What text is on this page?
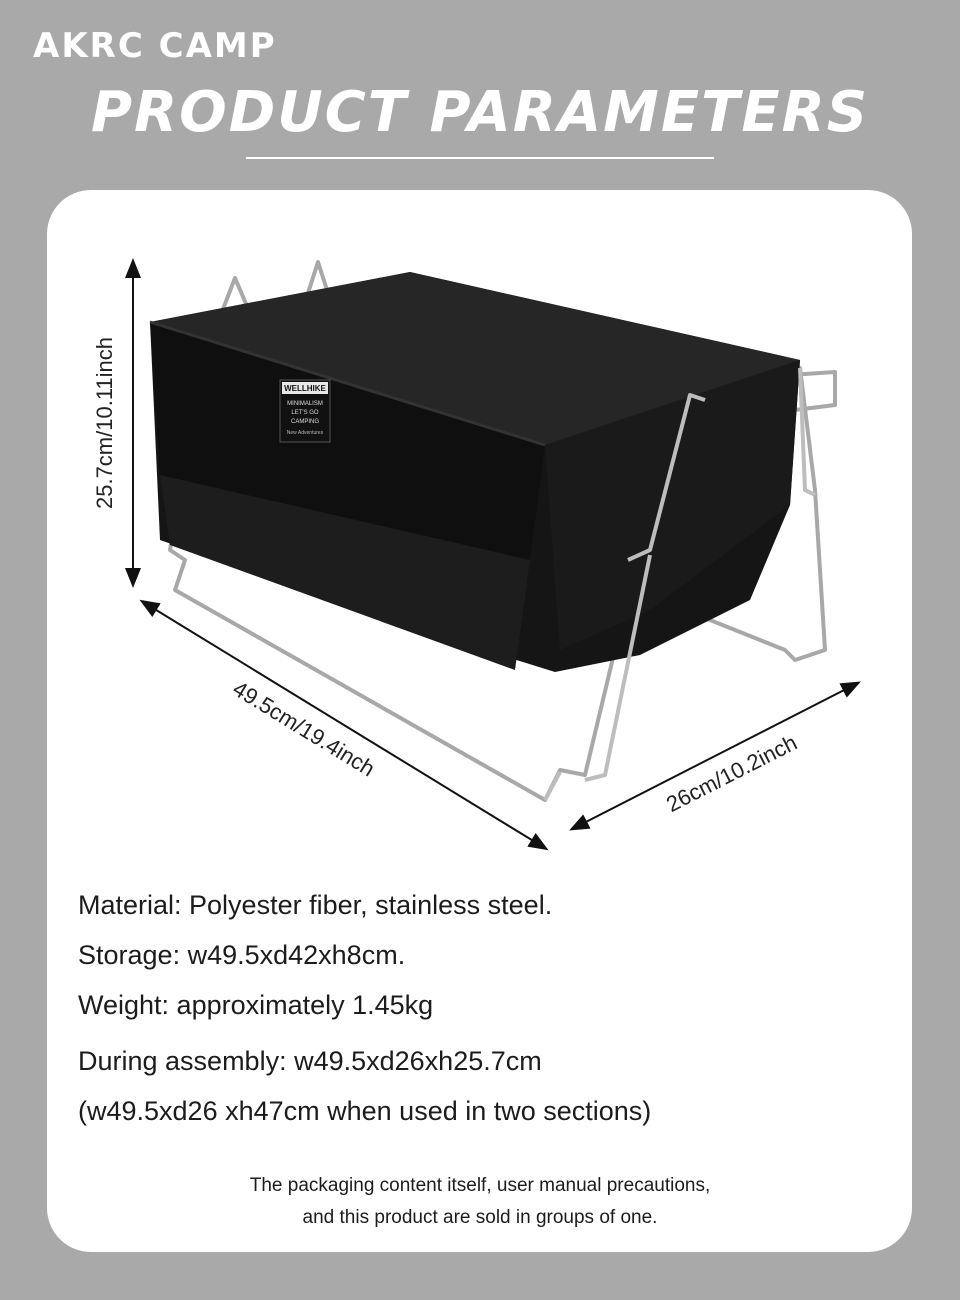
AKRC CAMP
PRODUCT PARAMETERS
WELLHIKE
MINIMALISM
LET'S GO
CAMPING
New Adventures
25.7cm/10.11inch
49.5cm/19.4inch	26cm/10.2inch
Material: Polyester fiber, stainless steel.
Storage: w49.5xd42xh8cm.
Weight: approximately 1.45kg
During assembly: w49.5xd26xh25.7cm
(w49.5xd26 xh47cm when used in two sections)
The packaging content itself, user manual precautions,
and this product are sold in groups of one.
